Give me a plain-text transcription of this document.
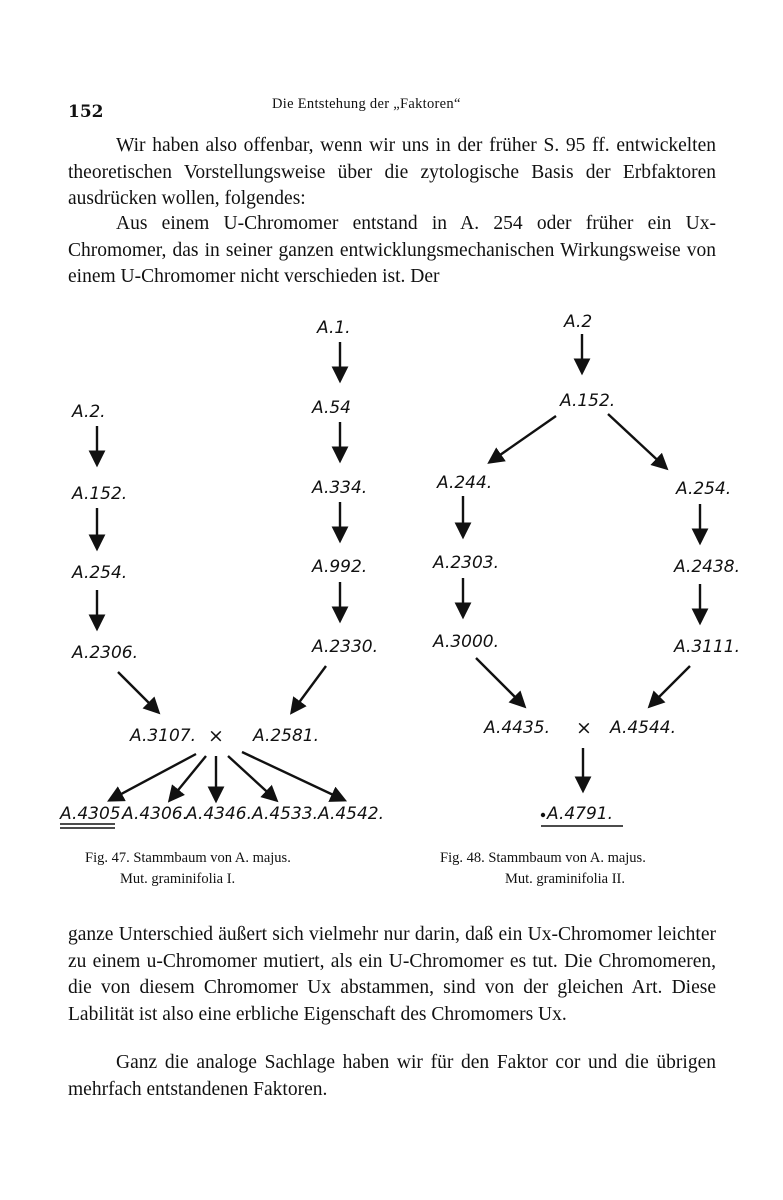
152	Die Entstehung der „Faktoren“

Wir haben also offenbar, wenn wir uns in der früher S. 95 ff. entwickelten theoretischen Vorstellungsweise über die zytologische Basis der Erbfaktoren ausdrücken wollen, folgendes:

Aus einem U-Chromomer entstand in A. 254 oder früher ein Ux-Chromomer, das in seiner ganzen entwicklungsmechanischen Wirkungsweise von einem U-Chromomer nicht verschieden ist. Der

A.2.
A.152.
A.254.
A.2306.
A.1.
A.54
A.334.
A.992.
A.2330.
A.3107. × A.2581.
A.4305.
A.4306.
A.4346. A.4533. A.4542.
Fig. 47. Stammbaum von A. majus.
Mut. graminifolia I.
A.2
A.152.
A.244.
A.2303.
A.3000.
A.254.
A.2438.
A.3111.
A.4435. × A.4544.
A.4791.
Fig. 48. Stammbaum von A. majus.
Mut. graminifolia II.

ganze Unterschied äußert sich vielmehr nur darin, daß ein Ux-Chromomer leichter zu einem u-Chromomer mutiert, als ein U-Chromomer es tut. Die Chromomeren, die von diesem Chromomer Ux abstammen, sind von der gleichen Art. Diese Labilität ist also eine erbliche Eigenschaft des Chromomers Ux.

Ganz die analoge Sachlage haben wir für den Faktor cor und die übrigen mehrfach entstandenen Faktoren.
